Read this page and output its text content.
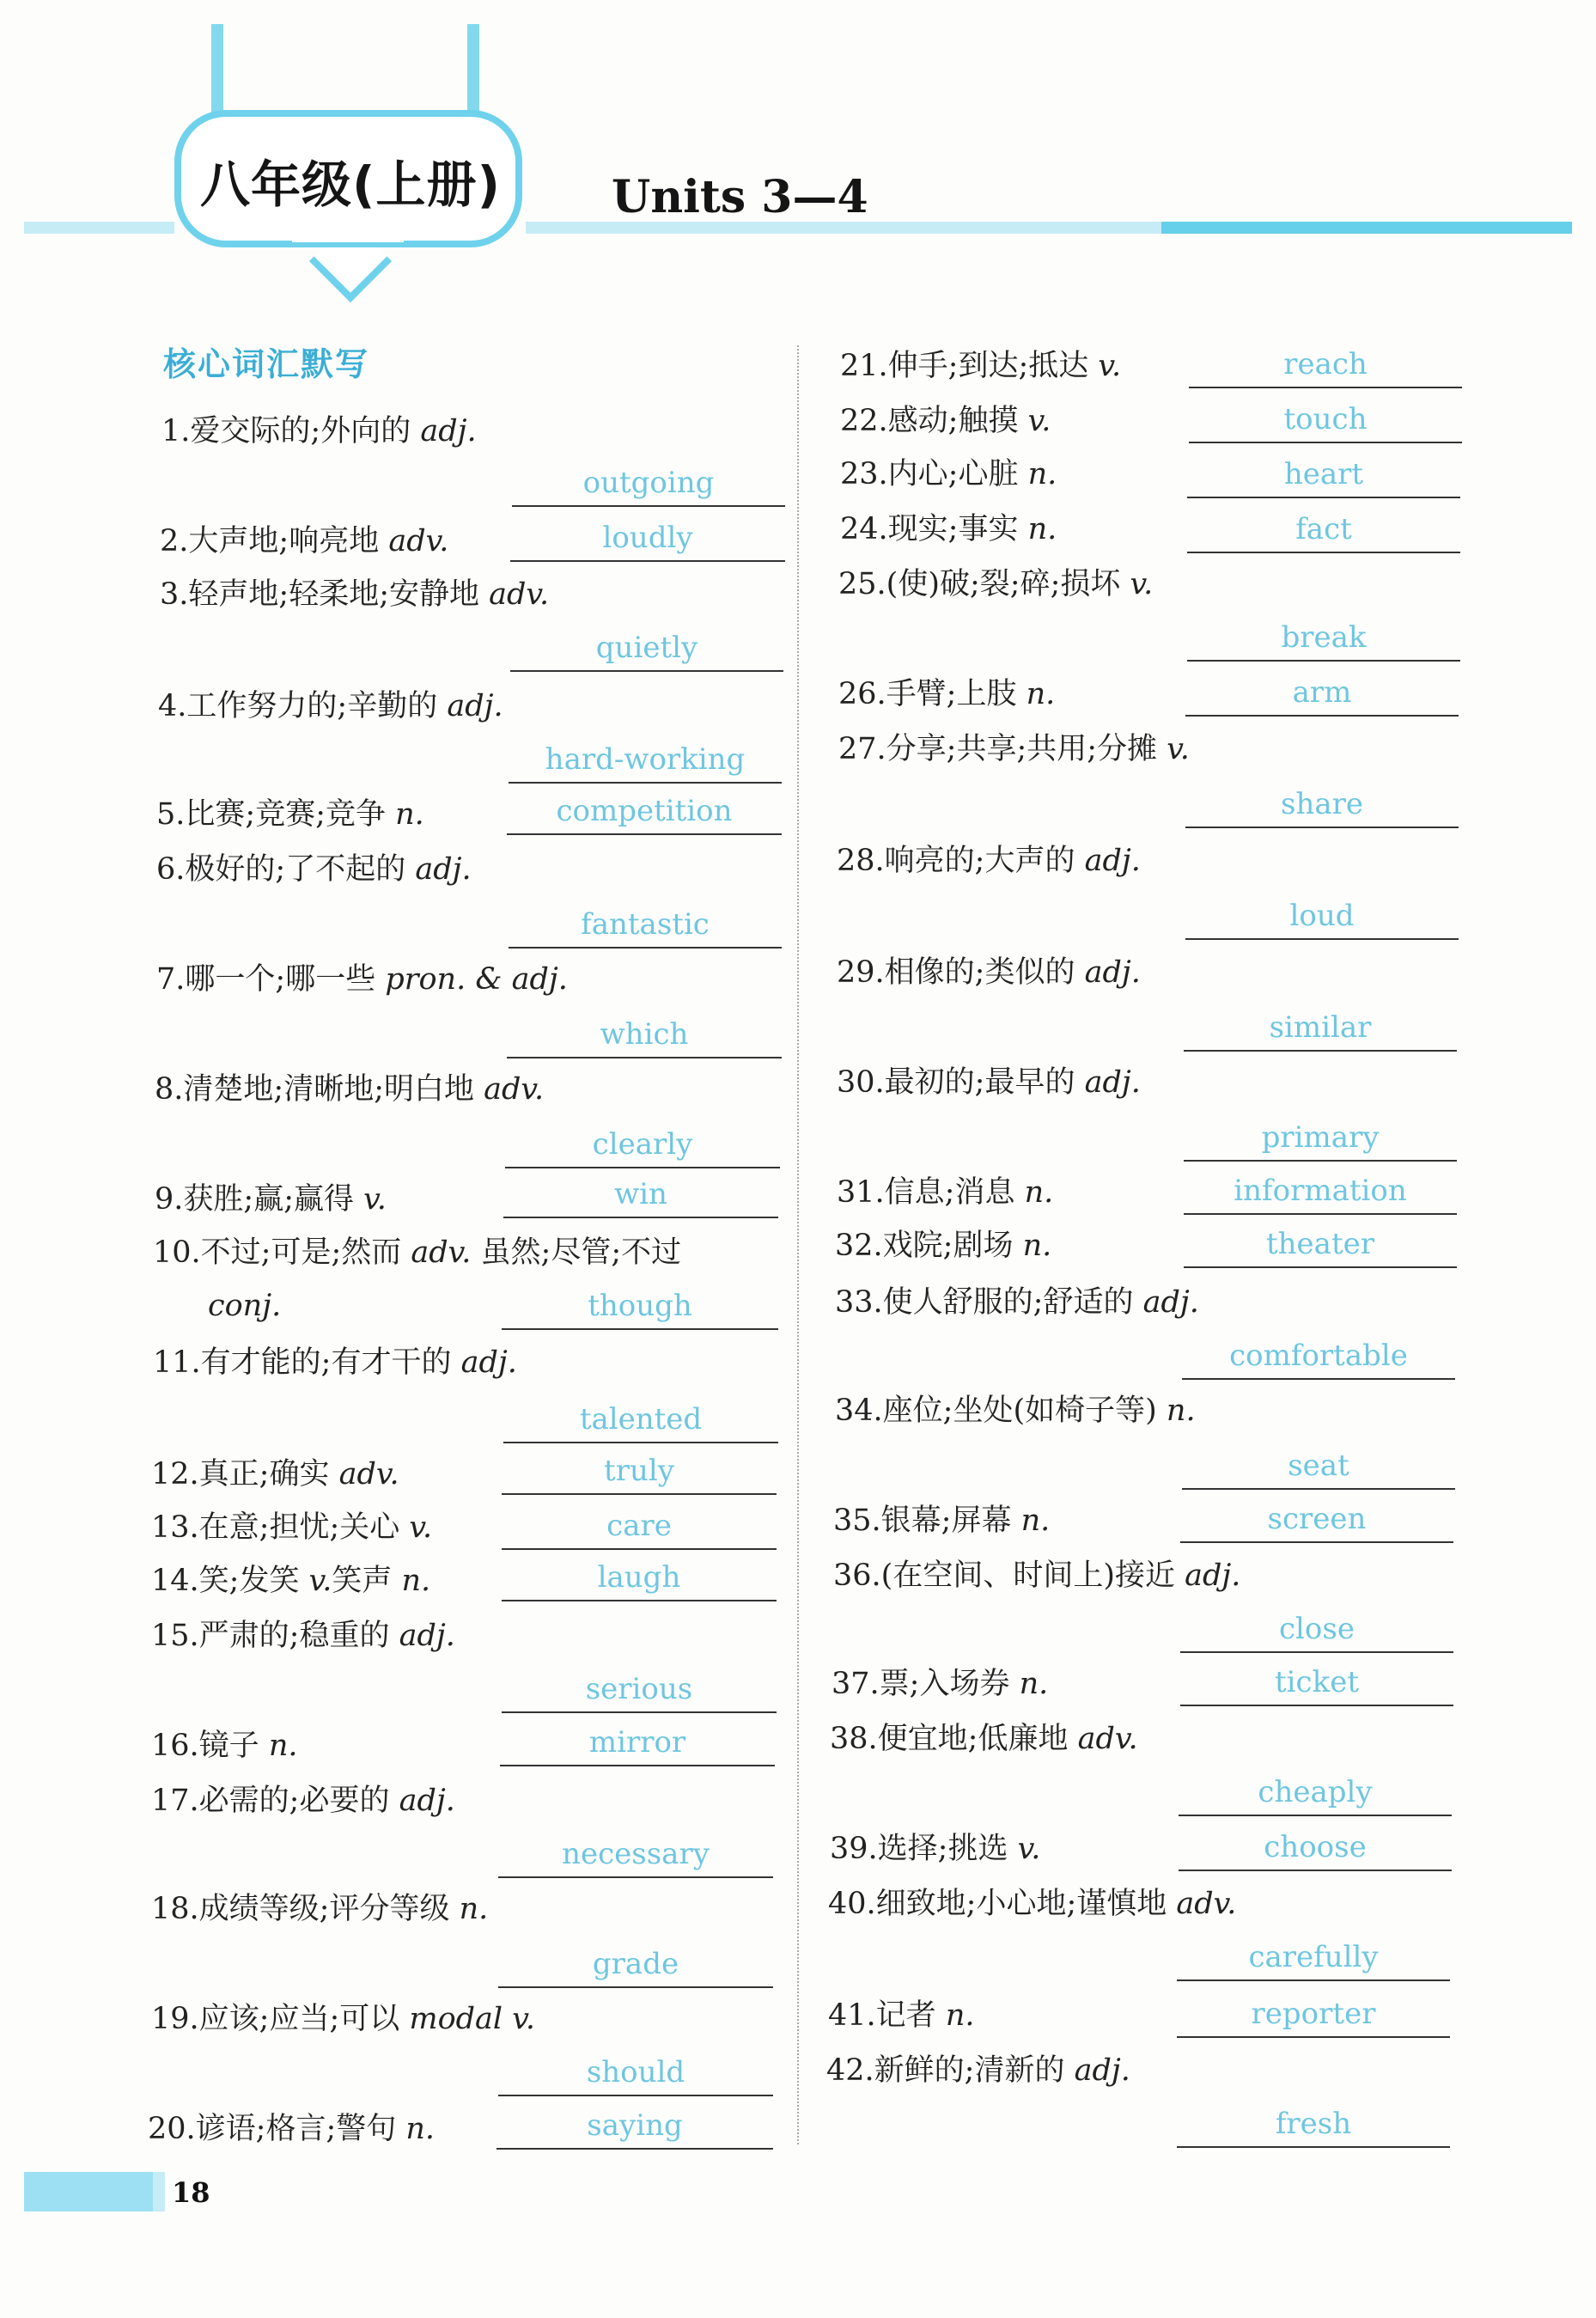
八年级(上册) Units 3—4
核心词汇默写
1.爱交际的;外向的 adj.
outgoing
2.大声地;响亮地 adv.	loudly
3.轻声地;轻柔地;安静地 adv.
quietly
4.工作努力的;辛勤的 adj.
hard-working
5.比赛;竞赛;竞争 n.	competition
6.极好的;了不起的 adj.
fantastic
7.哪一个;哪一些 pron. & adj.
which
8.清楚地;清晰地;明白地 adv.
clearly
9.获胜;赢;赢得 v.	win
10.不过;可是;然而 adv. 虽然;尽管;不过
conj.	though
11.有才能的;有才干的 adj.
talented
12.真正;确实 adv.	truly
13.在意;担忧;关心 v.	care
14.笑;发笑 v.笑声 n.	laugh
15.严肃的;稳重的 adj.
serious
16.镜子 n.	mirror
17.必需的;必要的 adj.
necessary
18.成绩等级;评分等级 n.
grade
19.应该;应当;可以 modal v.
should
20.谚语;格言;警句 n.	saying
21.伸手;到达;抵达 v.	reach
22.感动;触摸 v.	touch
23.内心;心脏 n.	heart
24.现实;事实 n.	fact
25.(使)破;裂;碎;损坏 v.
break
26.手臂;上肢 n.	arm
27.分享;共享;共用;分摊 v.
share
28.响亮的;大声的 adj.
loud
29.相像的;类似的 adj.
similar
30.最初的;最早的 adj.
primary
31.信息;消息 n.	information
32.戏院;剧场 n.	theater
33.使人舒服的;舒适的 adj.
comfortable
34.座位;坐处(如椅子等) n.
seat
35.银幕;屏幕 n.	screen
36.(在空间、时间上)接近 adj.
close
37.票;入场券 n.	ticket
38.便宜地;低廉地 adv.
cheaply
39.选择;挑选 v.	choose
40.细致地;小心地;谨慎地 adv.
carefully
41.记者 n.	reporter
42.新鲜的;清新的 adj.
fresh
18
